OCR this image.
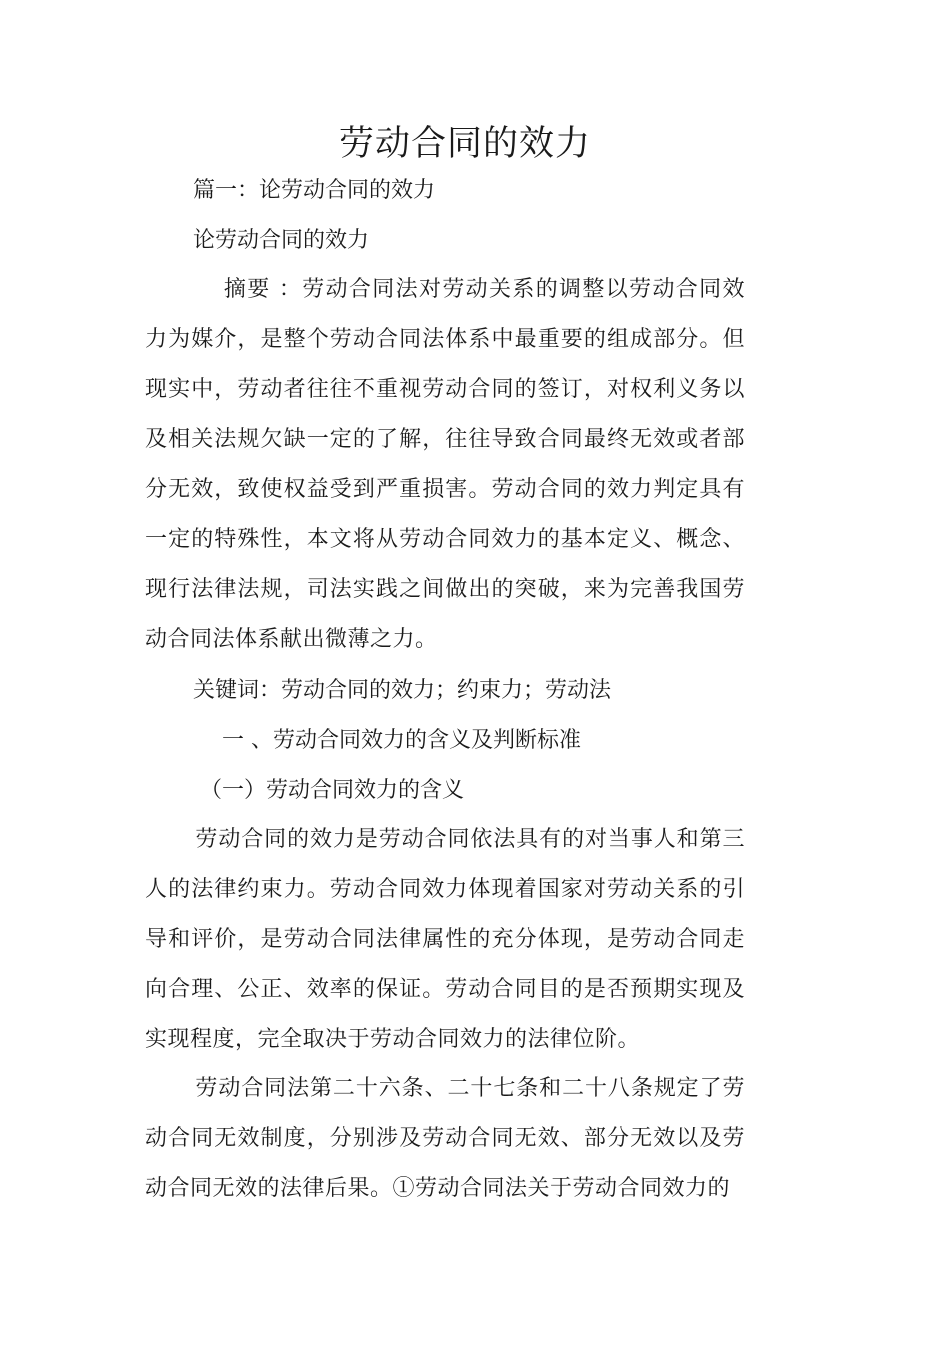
劳动合同的效力
篇一：论劳动合同的效力
论劳动合同的效力
摘要 ：劳动合同法对劳动关系的调整以劳动合同效力为媒介，是整个劳动合同法体系中最重要的组成部分。但现实中，劳动者往往不重视劳动合同的签订，对权利义务以及相关法规欠缺一定的了解，往往导致合同最终无效或者部分无效，致使权益受到严重损害。劳动合同的效力判定具有一定的特殊性，本文将从劳动合同效力的基本定义、概念、现行法律法规，司法实践之间做出的突破，来为完善我国劳动合同法体系献出微薄之力。
关键词：劳动合同的效力；约束力；劳动法
一 、劳动合同效力的含义及判断标准
（一）劳动合同效力的含义
劳动合同的效力是劳动合同依法具有的对当事人和第三人的法律约束力。劳动合同效力体现着国家对劳动关系的引导和评价，是劳动合同法律属性的充分体现，是劳动合同走向合理、公正、效率的保证。劳动合同目的是否预期实现及实现程度，完全取决于劳动合同效力的法律位阶。
劳动合同法第二十六条、二十七条和二十八条规定了劳动合同无效制度，分别涉及劳动合同无效、部分无效以及劳动合同无效的法律后果。①劳动合同法关于劳动合同效力的
